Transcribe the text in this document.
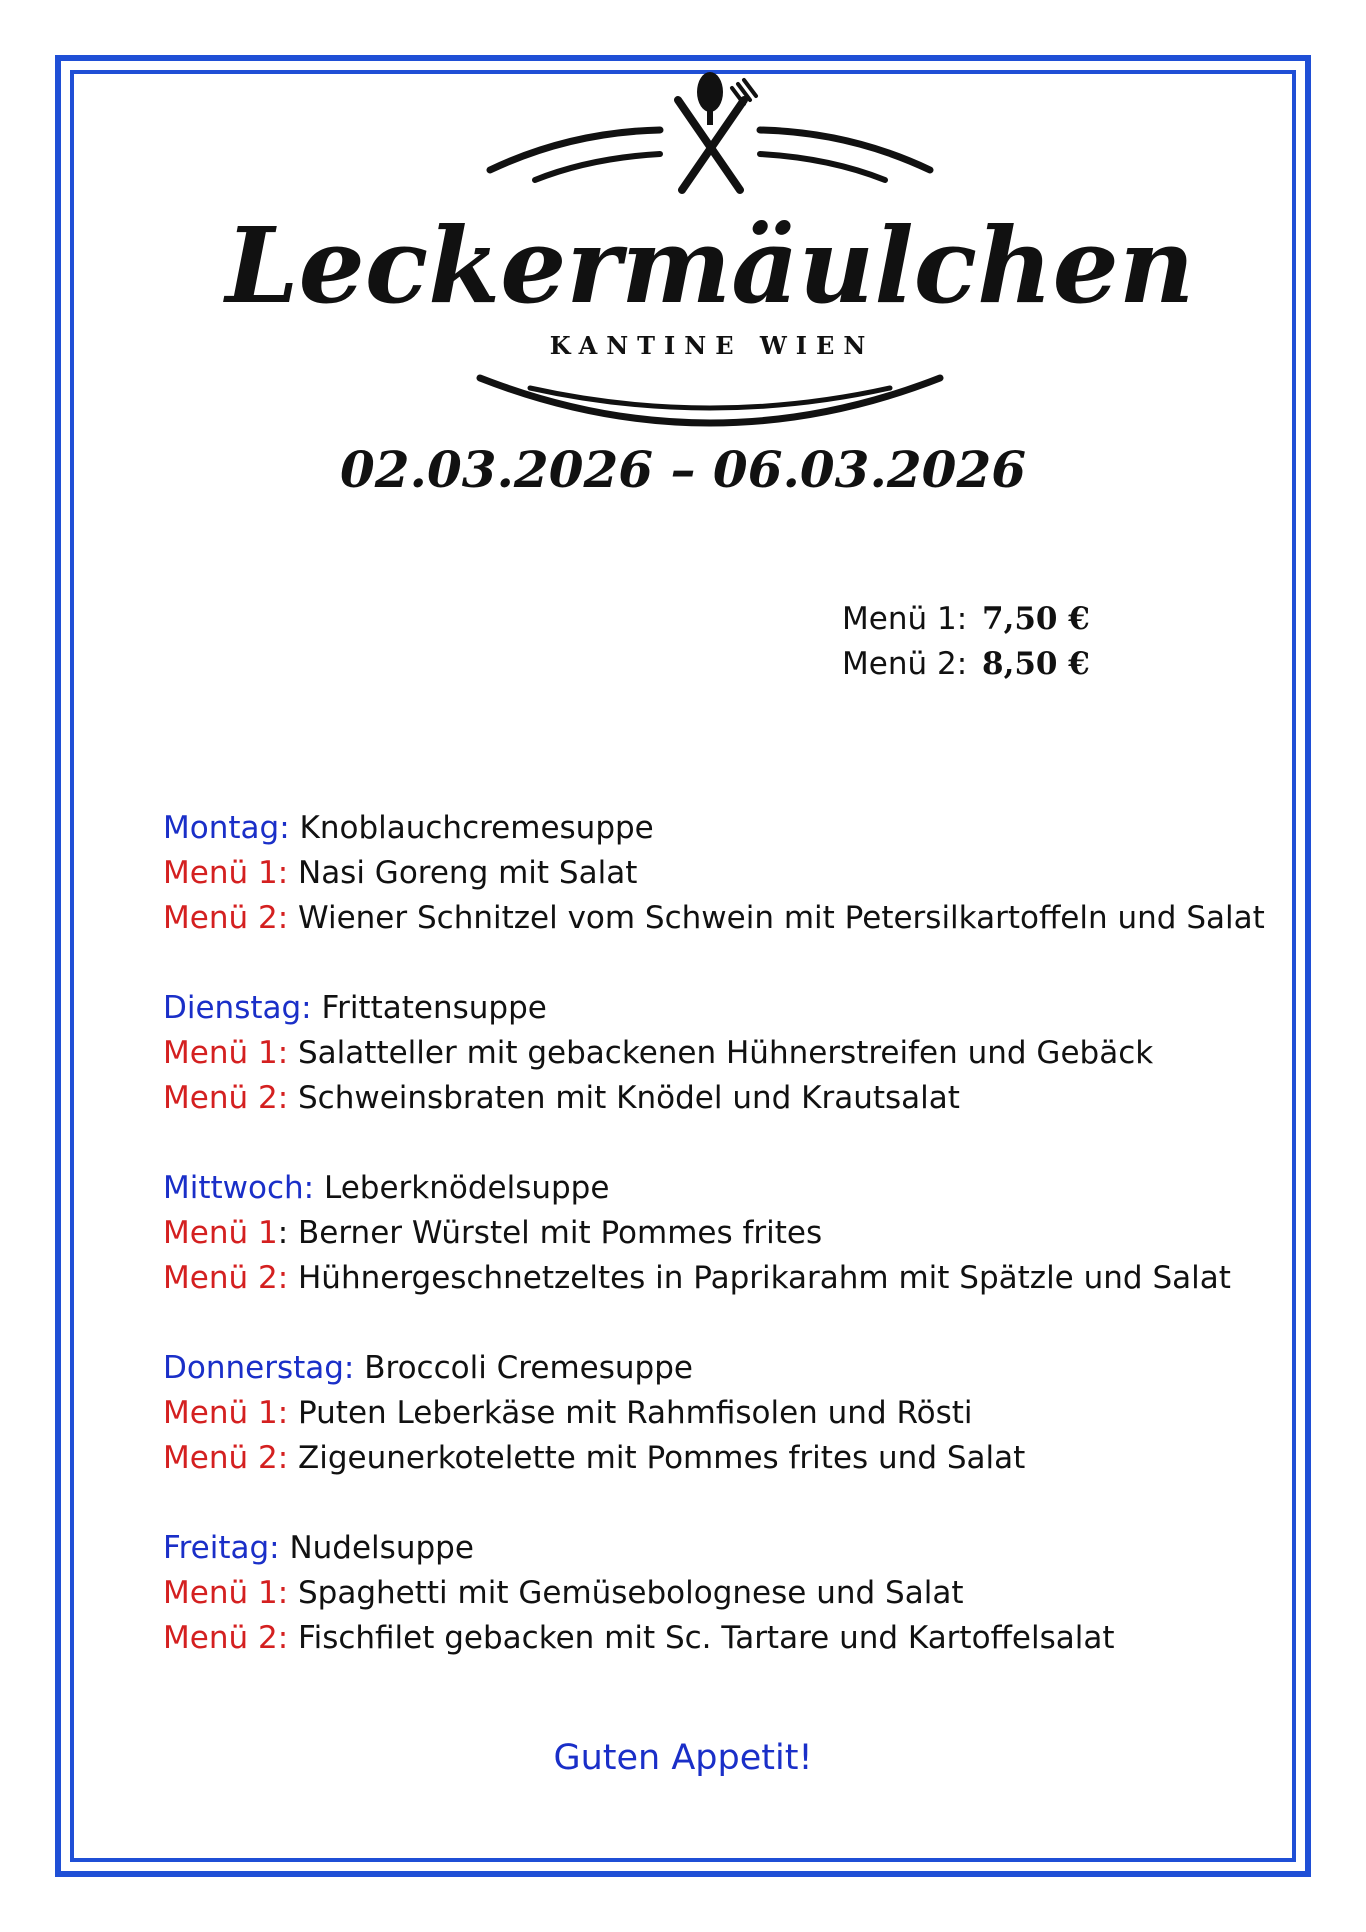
Leckermäulchen
KANTINE WIEN
02.03.2026 – 06.03.2026
Menü 1: 7,50 €
Menü 2: 8,50 €
Montag: Knoblauchcremesuppe
Menü 1: Nasi Goreng mit Salat
Menü 2: Wiener Schnitzel vom Schwein mit Petersilkartoffeln und Salat
Dienstag: Frittatensuppe
Menü 1: Salatteller mit gebackenen Hühnerstreifen und Gebäck
Menü 2: Schweinsbraten mit Knödel und Krautsalat
Mittwoch: Leberknödelsuppe
Menü 1: Berner Würstel mit Pommes frites
Menü 2: Hühnergeschnetzeltes in Paprikarahm mit Spätzle und Salat
Donnerstag: Broccoli Cremesuppe
Menü 1: Puten Leberkäse mit Rahmfisolen und Rösti
Menü 2: Zigeunerkotelette mit Pommes frites und Salat
Freitag: Nudelsuppe
Menü 1: Spaghetti mit Gemüsebolognese und Salat
Menü 2: Fischfilet gebacken mit Sc. Tartare und Kartoffelsalat
Guten Appetit!
